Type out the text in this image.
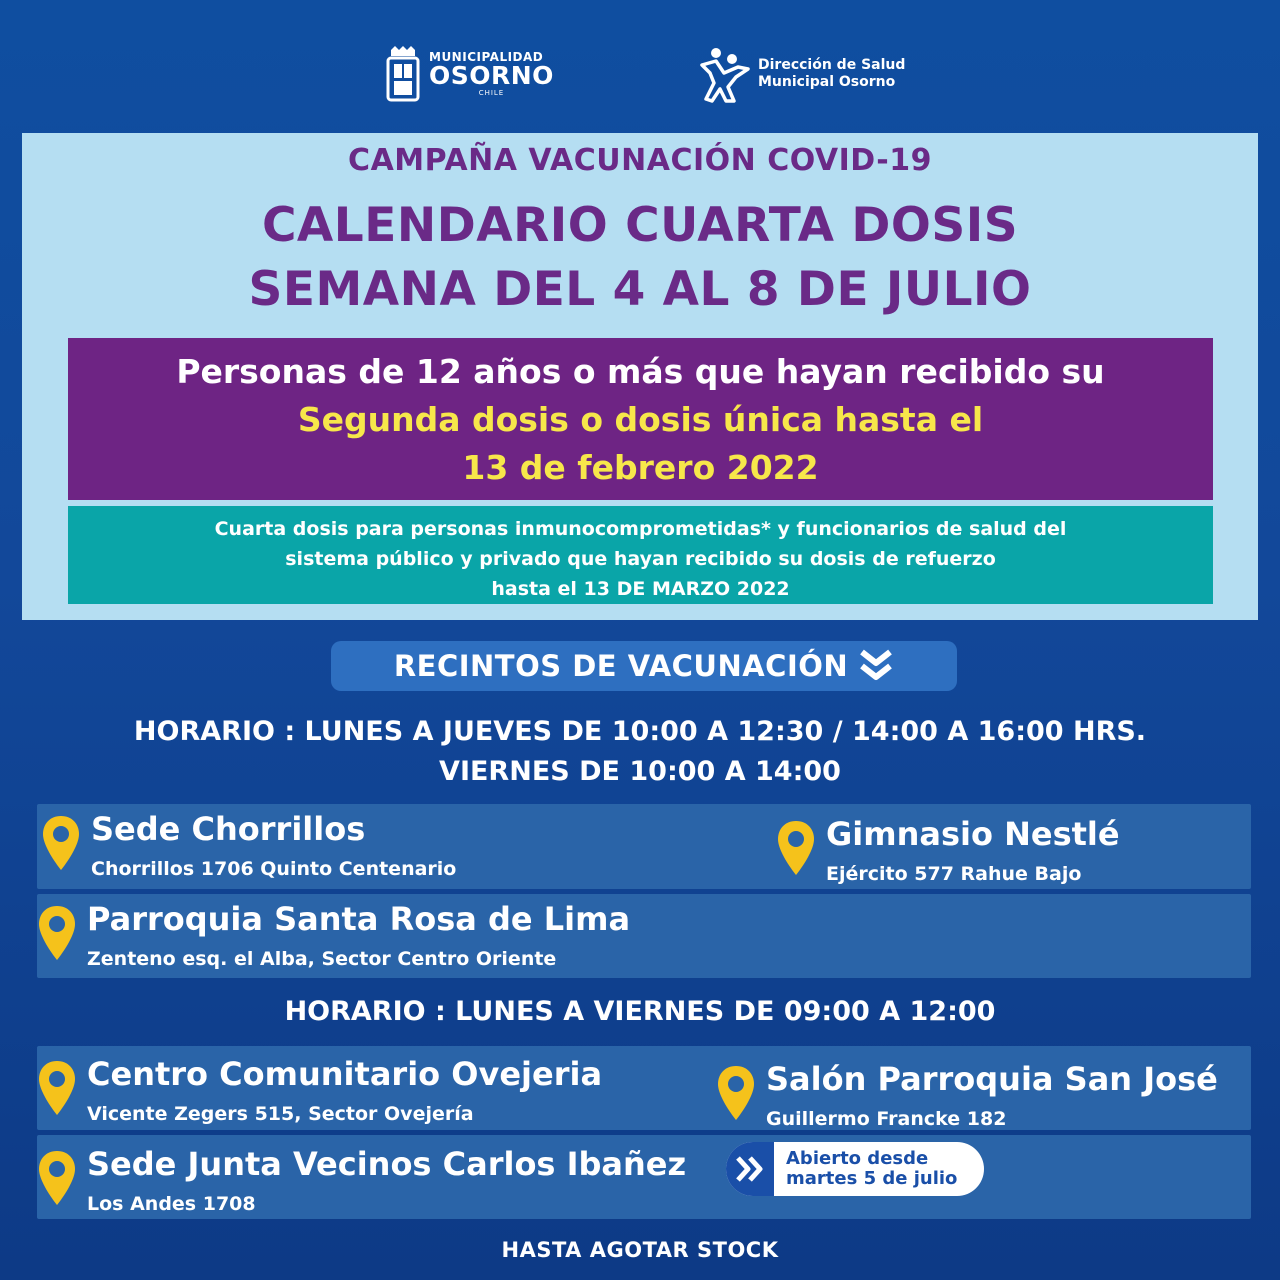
MUNICIPALIDAD
OSORNO
CHILE
Dirección de Salud
Municipal Osorno
CAMPAÑA VACUNACIÓN COVID-19
CALENDARIO CUARTA DOSIS
SEMANA DEL 4 AL 8 DE JULIO
Personas de 12 años o más que hayan recibido su
Segunda dosis o dosis única hasta el
13 de febrero 2022
Cuarta dosis para personas inmunocomprometidas* y funcionarios de salud del
sistema público y privado que hayan recibido su dosis de refuerzo
hasta el 13 DE MARZO 2022
RECINTOS DE VACUNACIÓN
HORARIO : LUNES A JUEVES DE 10:00 A 12:30 / 14:00 A 16:00 HRS.
VIERNES DE 10:00 A 14:00
Sede Chorrillos
Chorrillos 1706 Quinto Centenario
Gimnasio Nestlé
Ejército 577 Rahue Bajo
Parroquia Santa Rosa de Lima
Zenteno esq. el Alba, Sector Centro Oriente
HORARIO : LUNES A VIERNES DE 09:00 A 12:00
Centro Comunitario Ovejeria
Vicente Zegers 515, Sector Ovejería
Salón Parroquia San José
Guillermo Francke 182
Sede Junta Vecinos Carlos Ibañez
Los Andes 1708
Abierto desde
martes 5 de julio
HASTA AGOTAR STOCK
